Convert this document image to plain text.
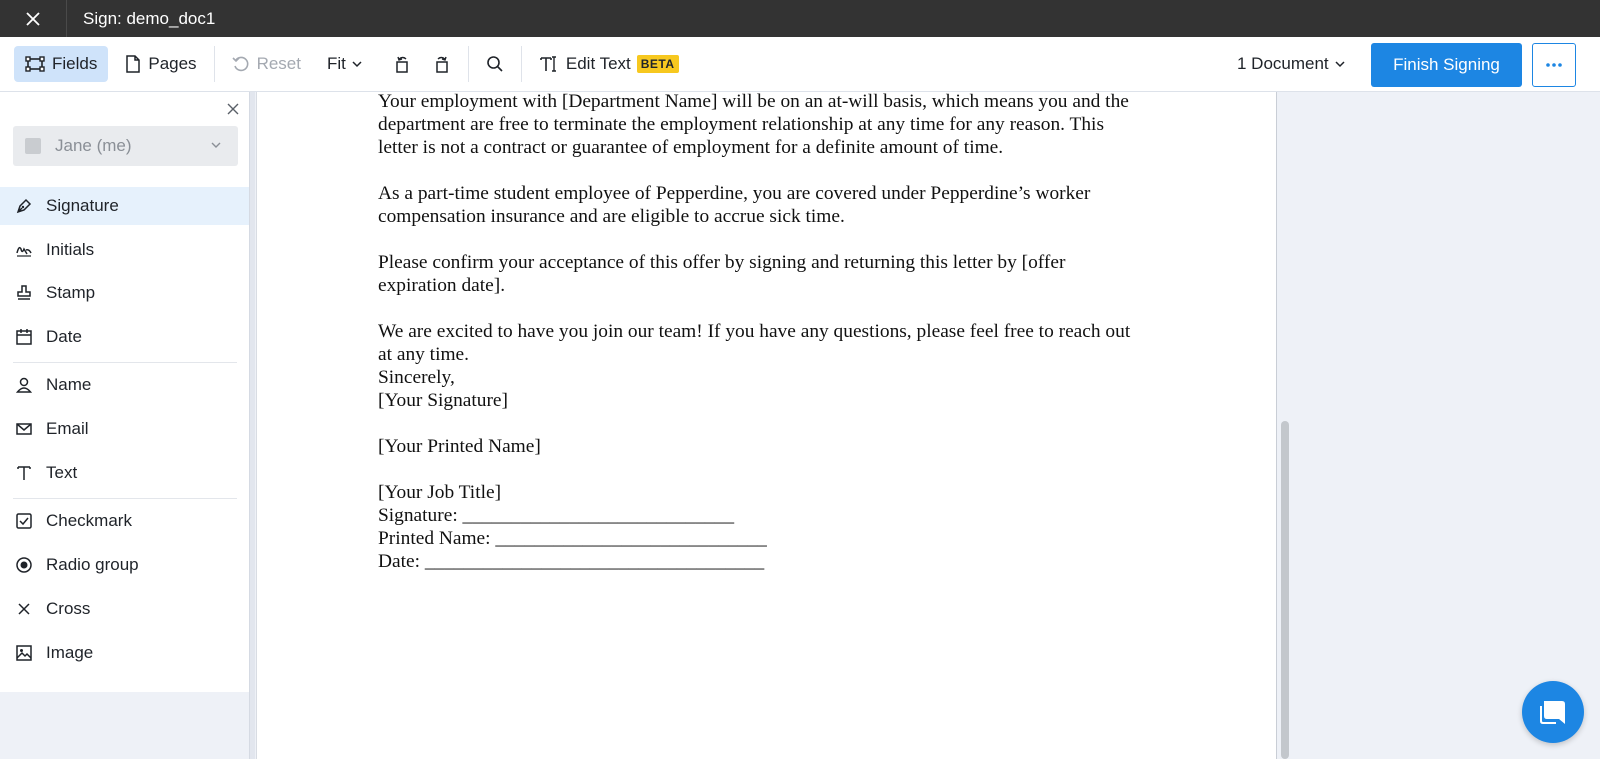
Sign: demo_doc1
Fields	Pages	Reset Fit	Edit Text BETA	1 Document	Finish Signing
Jane (me)
Signature
Initials
Stamp
Date
Name
Email
Text
Checkmark
Radio group
Cross
Image

Your employment with [Department Name] will be on an at-will basis, which means you and the
department are free to terminate the employment relationship at any time for any reason. This
letter is not a contract or guarantee of employment for a definite amount of time.

As a part-time student employee of Pepperdine, you are covered under Pepperdine’s worker
compensation insurance and are eligible to accrue sick time.

Please confirm your acceptance of this offer by signing and returning this letter by [offer
expiration date].

We are excited to have you join our team! If you have any questions, please feel free to reach out
at any time.
Sincerely,
[Your Signature]

[Your Printed Name]

[Your Job Title]
Signature: ____________________________
Printed Name: ____________________________
Date: ___________________________________
